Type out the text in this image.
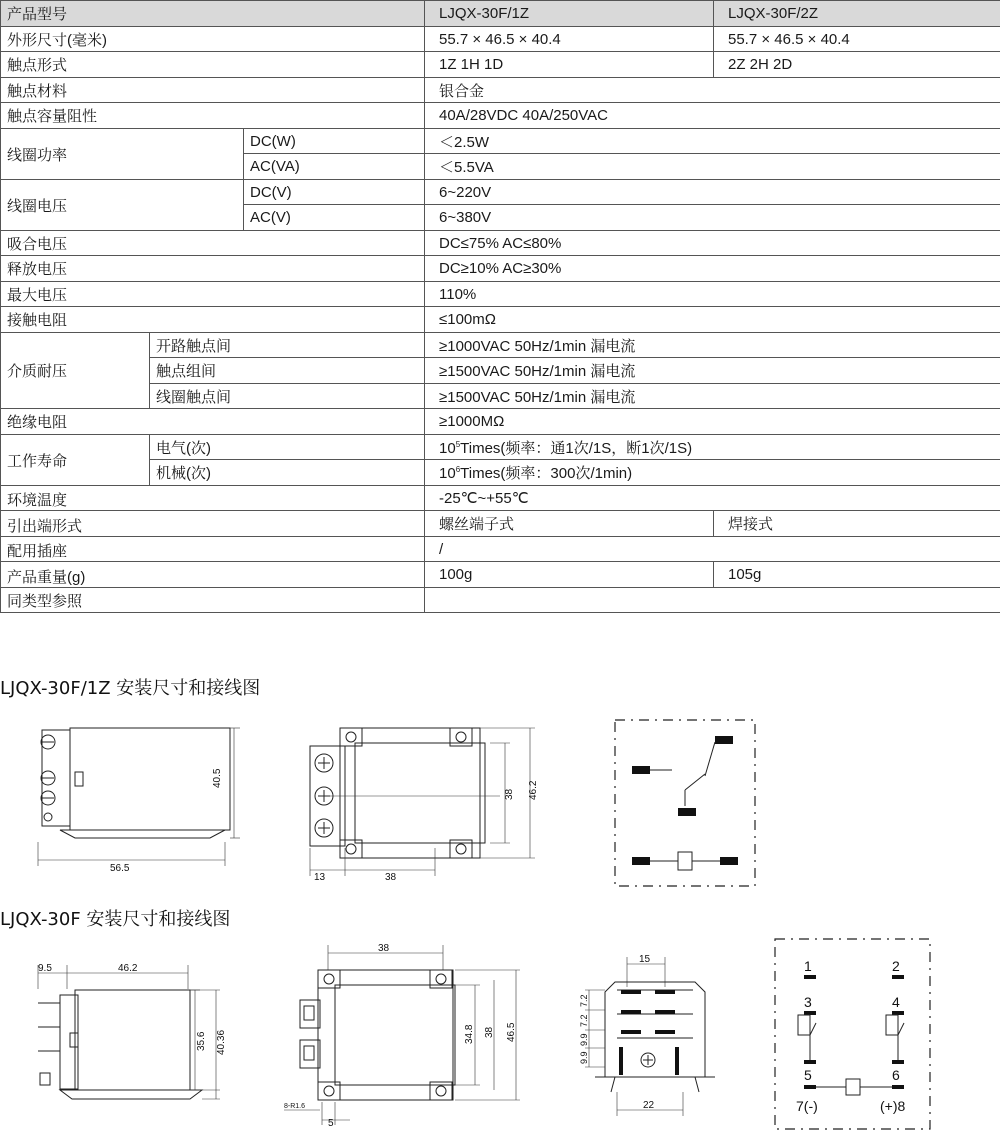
产品型号			LJQX-30F/1Z	LJQX-30F/2Z
外形尺寸(毫米)			55.7 × 46.5 × 40.4	55.7 × 46.5 × 40.4
触点形式			1Z 1H 1D	2Z 2H 2D
触点材料			银合金	
触点容量阻性			40A/28VDC 40A/250VAC	
线圈功率		DC(W)	＜2.5W	
		AC(VA)	＜5.5VA	
线圈电压		DC(V)	6~220V	
		AC(V)	6~380V	
吸合电压			DC≤75% AC≤80%	
释放电压			DC≥10% AC≥30%	
最大电压			110%	
接触电阻			≤100mΩ	
介质耐压	开路触点间		≥1000VAC 50Hz/1min 漏电流	
	触点组间		≥1500VAC 50Hz/1min 漏电流	
	线圈触点间		≥1500VAC 50Hz/1min 漏电流	
绝缘电阻			≥1000MΩ	
工作寿命	电气(次)		$10^5Times$(频率：通1次/1S，断1次/1S)	
	机械(次)		$10^6Times$(频率：300次/1min)	
环境温度			-25℃~+55℃	
引出端形式			螺丝端子式	焊接式
配用插座			/	
产品重量(g)			100g	105g
同类型参照				
LJQX-30F/1Z 安装尺寸和接线图
40.5
56.5
38 46.2
13	38
LJQX-30F 安装尺寸和接线图
9.5	46.2
35.6 40.36
38
34.8 38 46.5
8-R1.6
5
15
7.2
7.2
9.9
9.9
22
1	2
3	4
5	6
7(-)	(+)8
